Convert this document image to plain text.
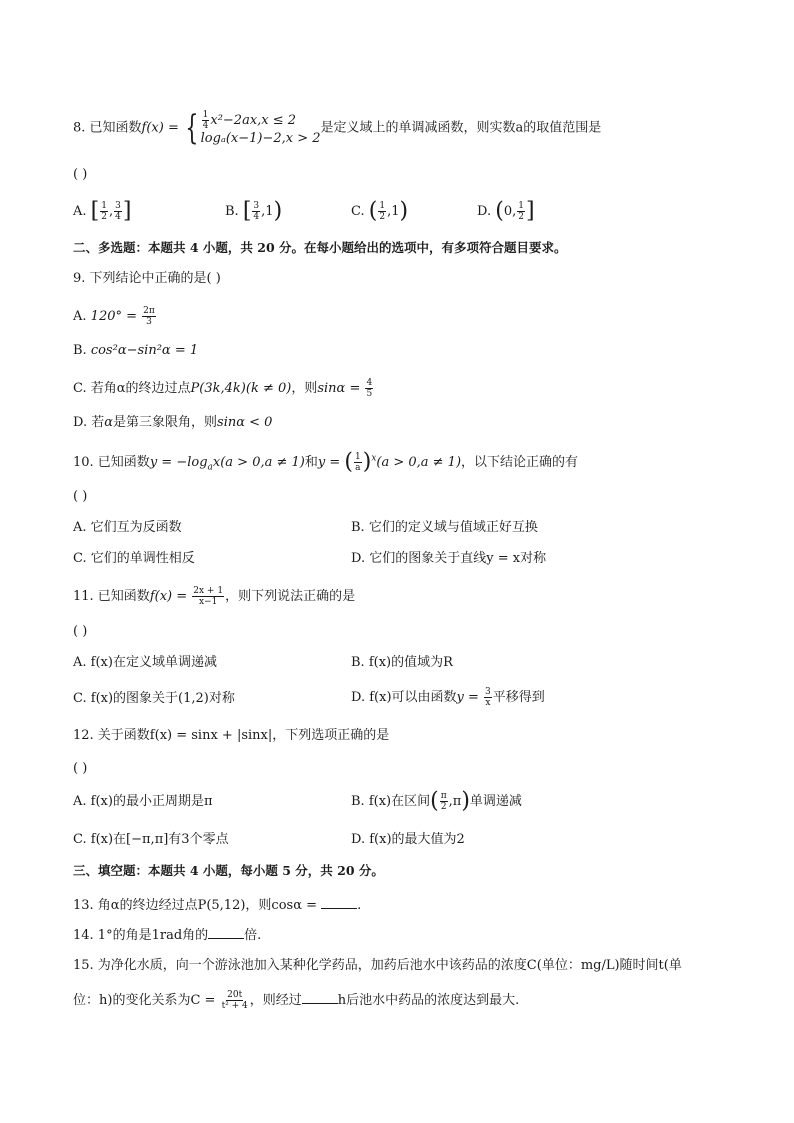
8. 已知函数f(x) = { $\frac{1}{4} x^2-2ax,x \le 2$
logₐ(x−1)−2,x > 2
是定义域上的单调减函数，则实数a的取值范围是
( )
A. [ $\frac{1}{2}$ , $\frac{3}{4}$ ]	B. [ $\frac{3}{4} ,1$)	C. ( $\frac{1}{2} ,1$)	D. (0, $\frac{1}{2}$ ]
二、多选题：本题共 4 小题，共 20 分。在每小题给出的选项中，有多项符合题目要求。
9. 下列结论中正确的是( )
A. $120^\circ = \frac{2\pi}{3}$
B. cos²α−sin²α = 1
C. 若角α的终边过点P(3k,4k)(k ≠ 0)，则$\sin\alpha = \frac{4}{5}$
D. 若α是第三象限角，则sinα < 0
10. 已知函数$y = -\log_ax(a > 0,a \ne 1)$和y = ( $\frac{1}{a} )^x(a > 0,a \ne 1)$，以下结论正确的有
( )
A. 它们互为反函数	B. 它们的定义域与值域正好互换
C. 它们的单调性相反	D. 它们的图象关于直线y = x对称
11. 已知函数$f(x) = \frac{2x + 1}{x-1}$ ，则下列说法正确的是
( )
A. f(x)在定义域单调递减	B. f(x)的值域为R
C. f(x)的图象关于(1,2)对称	D. f(x)可以由函数$y = \frac{3}{x}$ 平移得到
12. 关于函数f(x) = sinx + |sinx|，下列选项正确的是
( )
A. f(x)的最小正周期是π	B. f(x)在区间( $\frac{\pi}{2} ,\pi$)单调递减
C. f(x)在[−π,π]有3个零点	D. f(x)的最大值为2
三、填空题：本题共 4 小题，每小题 5 分，共 20 分。
13. 角α的终边经过点P(5,12)，则cosα =	.
14. 1°的角是1rad角的	倍.
15. 为净化水质，向一个游泳池加入某种化学药品，加药后池水中该药品的浓度C(单位：mg/L)随时间t(单
位：h)的变化关系为$C = \frac{20t}{\text{t² + 4}}$ ，则经过	h后池水中药品的浓度达到最大.
